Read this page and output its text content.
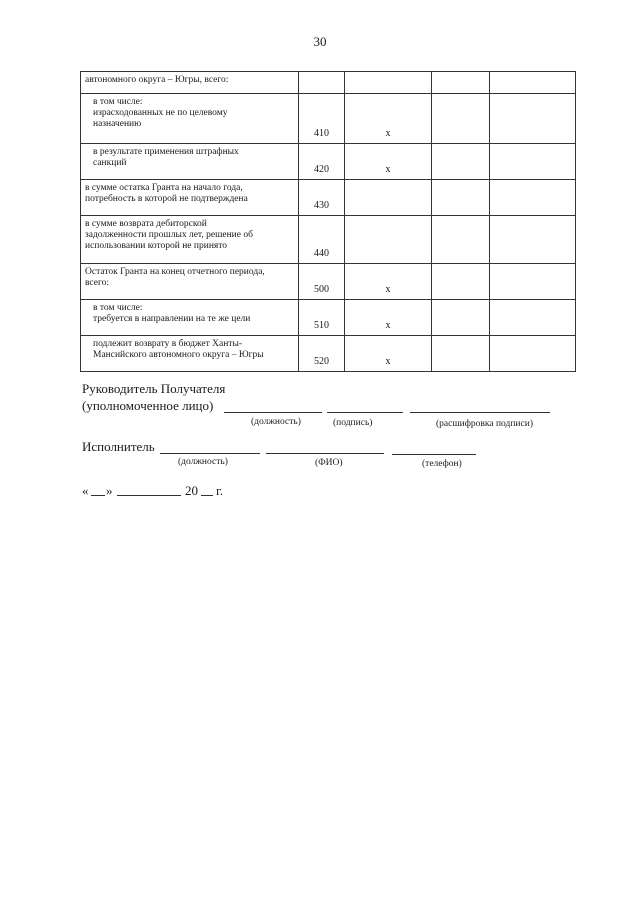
30
автономного округа – Югры, всего:				

в том числе:
израсходованных не по целевому
назначению	410	x		

в результате применения штрафных
санкций	420	x		

в сумме остатка Гранта на начало года,
потребность в которой не подтверждена	430			

в сумме возврата дебиторской
задолженности прошлых лет, решение об
использовании которой не принято	440			

Остаток Гранта на конец отчетного периода,
всего:	500	x		

в том числе:
требуется в направлении на те же цели	510	x		

подлежит возврату в бюджет Ханты-
Мансийского автономного округа – Югры	520	x		
Руководитель Получателя
(уполномоченное лицо)
(должность)	(подпись)	(расшифровка подписи)
Исполнитель
(должность)	(ФИО)	(телефон)
« »	20 г.
